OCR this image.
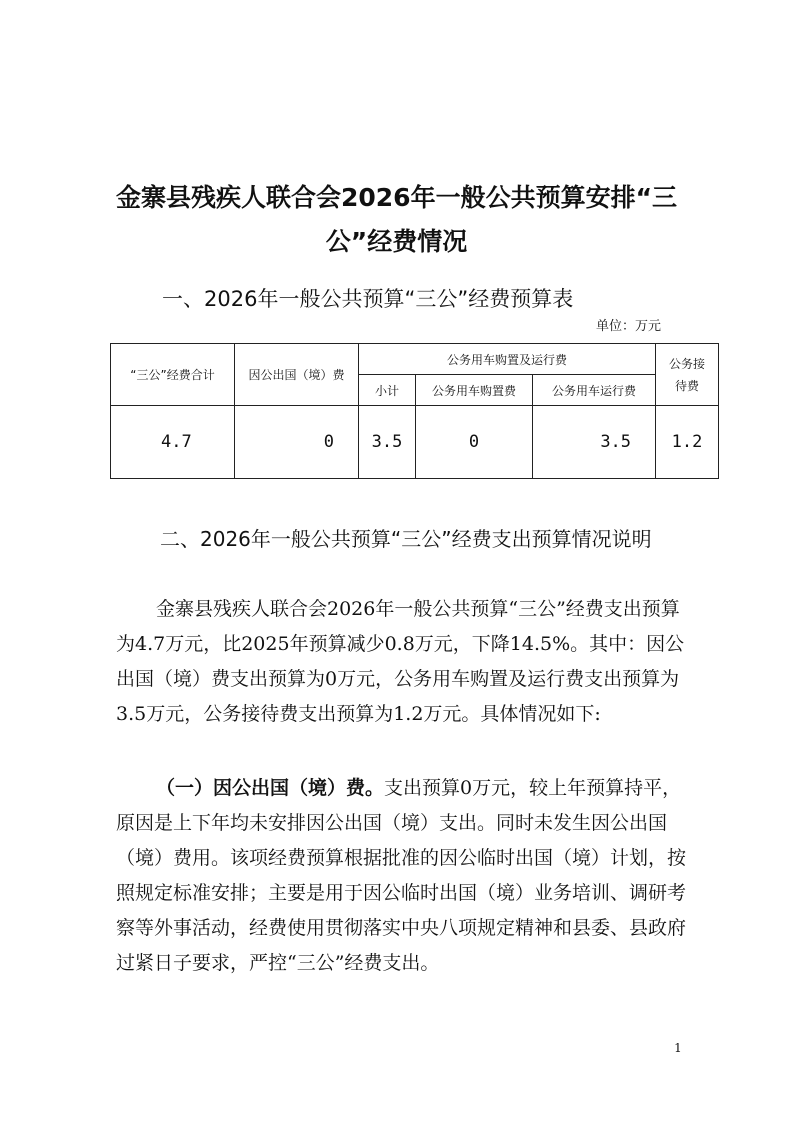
金寨县残疾人联合会2026年一般公共预算安排“三公”经费情况
一、2026年一般公共预算“三公”经费预算表
单位：万元
“三公”经费合计	因公出国（境）费	公务用车购置及运行费			公务接待费
		小计	公务用车购置费	公务用车运行费	
4.7	0	3.5	0	3.5	1.2
二、2026年一般公共预算“三公”经费支出预算情况说明

金寨县残疾人联合会2026年一般公共预算“三公”经费支出预算为4.7万元，比2025年预算减少0.8万元，下降14.5%。其中：因公出国（境）费支出预算为0万元，公务用车购置及运行费支出预算为3.5万元，公务接待费支出预算为1.2万元。具体情况如下:

（一）因公出国（境）费。支出预算0万元，较上年预算持平，原因是上下年均未安排因公出国（境）支出。同时未发生因公出国（境）费用。该项经费预算根据批准的因公临时出国（境）计划，按照规定标准安排；主要是用于因公临时出国（境）业务培训、调研考察等外事活动，经费使用贯彻落实中央八项规定精神和县委、县政府过紧日子要求，严控“三公”经费支出。

1
